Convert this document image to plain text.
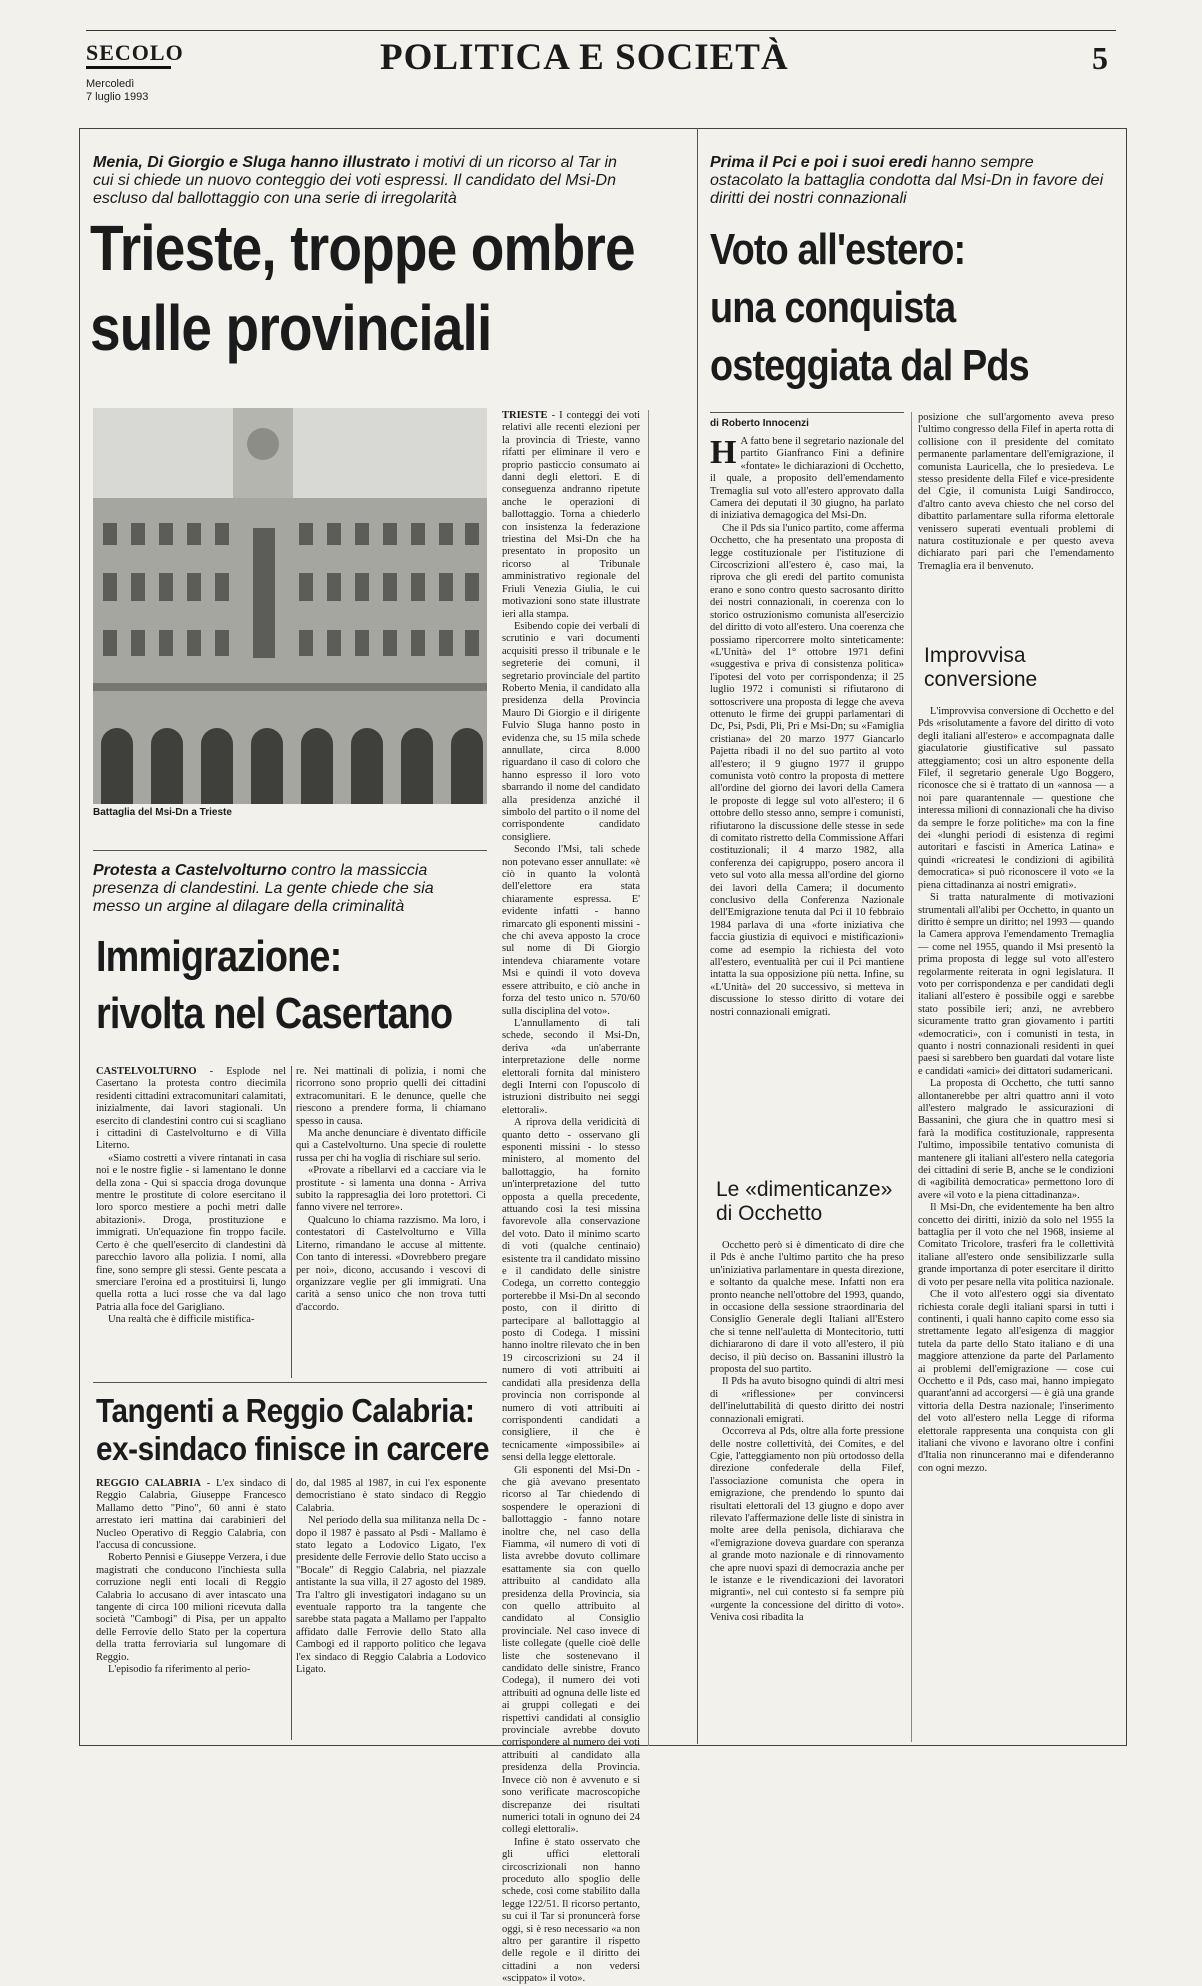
SECOLO
Mercoledì
7 luglio 1993
POLITICA E SOCIETÀ	5
Menia, Di Giorgio e Sluga hanno illustrato i motivi di un ricorso al Tar in cui si chiede un nuovo conteggio dei voti espressi. Il candidato del Msi-Dn escluso dal ballottaggio con una serie di irregolarità
Trieste, troppe ombre
sulle provinciali
Battaglia del Msi-Dn a Trieste

TRIESTE - I conteggi dei voti relativi alle recenti elezioni per la provincia di Trieste, vanno rifatti per eliminare il vero e proprio pasticcio consumato ai danni degli elettori. E di conseguenza andranno ripetute anche le operazioni di ballottaggio. Torna a chiederlo con insistenza la federazione triestina del Msi-Dn che ha presentato in proposito un ricorso al Tribunale amministrativo regionale del Friuli Venezia Giulia, le cui motivazioni sono state illustrate ieri alla stampa.

Esibendo copie dei verbali di scrutinio e vari documenti acquisiti presso il tribunale e le segreterie dei comuni, il segretario provinciale del partito Roberto Menia, il candidato alla presidenza della Provincia Mauro Di Giorgio e il dirigente Fulvio Sluga hanno posto in evidenza che, su 15 mila schede annullate, circa 8.000 riguardano il caso di coloro che hanno espresso il loro voto sbarrando il nome del candidato alla presidenza anziché il simbolo del partito o il nome del corrispondente candidato consigliere.

Secondo l'Msi, tali schede non potevano esser annullate: «è ciò in quanto la volontà dell'elettore era stata chiaramente espressa. E' evidente infatti - hanno rimarcato gli esponenti missini - che chi aveva apposto la croce sul nome di Di Giorgio intendeva chiaramente votare Msi e quindi il voto doveva essere attribuito, e ciò anche in forza del testo unico n. 570/60 sulla disciplina del voto».

L'annullamento di tali schede, secondo il Msi-Dn, deriva «da un'aberrante interpretazione delle norme elettorali fornita dal ministero degli Interni con l'opuscolo di istruzioni distribuito nei seggi elettorali».

A riprova della veridicità di quanto detto - osservano gli esponenti missini - lo stesso ministero, al momento del ballottaggio, ha fornito un'interpretazione del tutto opposta a quella precedente, attuando così la tesi missina favorevole alla conservazione del voto. Dato il minimo scarto di voti (qualche centinaio) esistente tra il candidato missino e il candidato delle sinistre Codega, un corretto conteggio porterebbe il Msi-Dn al secondo posto, con il diritto di partecipare al ballottaggio al posto di Codega. I missini hanno inoltre rilevato che in ben 19 circoscrizioni su 24 il numero di voti attribuiti ai candidati alla presidenza della provincia non corrisponde al numero di voti attribuiti ai corrispondenti candidati a consigliere, il che è tecnicamente «impossibile» ai sensi della legge elettorale.

Gli esponenti del Msi-Dn - che già avevano presentato ricorso al Tar chiedendo di sospendere le operazioni di ballottaggio - fanno notare inoltre che, nel caso della Fiamma, «il numero di voti di lista avrebbe dovuto collimare esattamente sia con quello attribuito al candidato alla presidenza della Provincia, sia con quello attribuito al candidato al Consiglio provinciale. Nel caso invece di liste collegate (quelle cioè delle liste che sostenevano il candidato delle sinistre, Franco Codega), il numero dei voti attribuiti ad ognuna delle liste ed ai gruppi collegati e dei rispettivi candidati al consiglio provinciale avrebbe dovuto corrispondere al numero dei voti attribuiti al candidato alla presidenza della Provincia. Invece ciò non è avvenuto e si sono verificate macroscopiche discrepanze dei risultati numerici totali in ognuno dei 24 collegi elettorali».

Infine è stato osservato che gli uffici elettorali circoscrizionali non hanno proceduto allo spoglio delle schede, così come stabilito dalla legge 122/51. Il ricorso pertanto, su cui il Tar si pronuncerà forse oggi, si è reso necessario «a non altro per garantire il rispetto delle regole e il diritto dei cittadini a non vedersi «scippato» il voto».

Protesta a Castelvolturno contro la massiccia presenza di clandestini. La gente chiede che sia messo un argine al dilagare della criminalità
Immigrazione:
rivolta nel Casertano

CASTELVOLTURNO - Esplode nel Casertano la protesta contro diecimila residenti cittadini extracomunitari calamitati, inizialmente, dai lavori stagionali. Un esercito di clandestini contro cui si scagliano i cittadini di Castelvolturno e di Villa Literno.

«Siamo costretti a vivere rintanati in casa noi e le nostre figlie - si lamentano le donne della zona - Qui si spaccia droga dovunque mentre le prostitute di colore esercitano il loro sporco mestiere a pochi metri dalle abitazioni». Droga, prostituzione e immigrati. Un'equazione fin troppo facile. Certo è che quell'esercito di clandestini dà parecchio lavoro alla polizia. I nomi, alla fine, sono sempre gli stessi. Gente pescata a smerciare l'eroina ed a prostituirsi lì, lungo quella rotta a luci rosse che va dal lago Patria alla foce del Garigliano.

Una realtà che è difficile mistifica-

re. Nei mattinali di polizia, i nomi che ricorrono sono proprio quelli dei cittadini extracomunitari. E le denunce, quelle che riescono a prendere forma, li chiamano spesso in causa.

Ma anche denunciare è diventato difficile qui a Castelvolturno. Una specie di roulette russa per chi ha voglia di rischiare sul serio.

«Provate a ribellarvi ed a cacciare via le prostitute - si lamenta una donna - Arriva subito la rappresaglia dei loro protettori. Ci fanno vivere nel terrore».

Qualcuno lo chiama razzismo. Ma loro, i contestatori di Castelvolturno e Villa Literno, rimandano le accuse al mittente. Con tanto di interessi. «Dovrebbero pregare per noi», dicono, accusando i vescovi di organizzare veglie per gli immigrati. Una carità a senso unico che non trova tutti d'accordo.

Tangenti a Reggio Calabria:
ex-sindaco finisce in carcere

REGGIO CALABRIA - L'ex sindaco di Reggio Calabria, Giuseppe Francesco Mallamo detto "Pino", 60 anni è stato arrestato ieri mattina dai carabinieri del Nucleo Operativo di Reggio Calabria, con l'accusa di concussione.

Roberto Pennisi e Giuseppe Verzera, i due magistrati che conducono l'inchiesta sulla corruzione negli enti locali di Reggio Calabria lo accusano di aver intascato una tangente di circa 100 milioni ricevuta dalla società "Cambogi" di Pisa, per un appalto delle Ferrovie dello Stato per la copertura della tratta ferroviaria sul lungomare di Reggio.

L'episodio fa riferimento al perio-

do, dal 1985 al 1987, in cui l'ex esponente democristiano è stato sindaco di Reggio Calabria.

Nel periodo della sua militanza nella Dc - dopo il 1987 è passato al Psdi - Mallamo è stato legato a Lodovico Ligato, l'ex presidente delle Ferrovie dello Stato ucciso a "Bocale" di Reggio Calabria, nel piazzale antistante la sua villa, il 27 agosto del 1989. Tra l'altro gli investigatori indagano su un eventuale rapporto tra la tangente che sarebbe stata pagata a Mallamo per l'appalto affidato dalle Ferrovie dello Stato alla Cambogi ed il rapporto politico che legava l'ex sindaco di Reggio Calabria a Lodovico Ligato.

Prima il Pci e poi i suoi eredi hanno sempre ostacolato la battaglia condotta dal Msi-Dn in favore dei diritti dei nostri connazionali
Voto all'estero:
una conquista
osteggiata dal Pds
di Roberto Innocenzi

H A fatto bene il segretario nazionale del partito Gianfranco Fini a definire «fontate» le dichiarazioni di Occhetto, il quale, a proposito dell'emendamento Tremaglia sul voto all'estero approvato dalla Camera dei deputati il 30 giugno, ha parlato di iniziativa demagogica del Msi-Dn.

Che il Pds sia l'unico partito, come afferma Occhetto, che ha presentato una proposta di legge costituzionale per l'istituzione di Circoscrizioni all'estero è, caso mai, la riprova che gli eredi del partito comunista erano e sono contro questo sacrosanto diritto dei nostri connazionali, in coerenza con lo storico ostruzionismo comunista all'esercizio del diritto di voto all'estero. Una coerenza che possiamo ripercorrere molto sinteticamente: «L'Unità» del 1° ottobre 1971 definì «suggestiva e priva di consistenza politica» l'ipotesi del voto per corrispondenza; il 25 luglio 1972 i comunisti si rifiutarono di sottoscrivere una proposta di legge che aveva ottenuto le firme dei gruppi parlamentari di Dc, Psi, Psdi, Pli, Pri e Msi-Dn; su «Famiglia cristiana» del 20 marzo 1977 Giancarlo Pajetta ribadì il no del suo partito al voto all'estero; il 9 giugno 1977 il gruppo comunista votò contro la proposta di mettere all'ordine del giorno dei lavori della Camera le proposte di legge sul voto all'estero; il 6 ottobre dello stesso anno, sempre i comunisti, rifiutarono la discussione delle stesse in sede di comitato ristretto della Commissione Affari costituzionali; il 4 marzo 1982, alla conferenza dei capigruppo, posero ancora il veto sul voto alla messa all'ordine del giorno dei lavori della Camera; il documento conclusivo della Conferenza Nazionale dell'Emigrazione tenuta dal Pci il 10 febbraio 1984 parlava di una «forte iniziativa che faccia giustizia di equivoci e mistificazioni» come ad esempio la richiesta del voto all'estero, eventualità per cui il Pci mantiene intatta la sua opposizione più netta. Infine, su «L'Unità» del 20 successivo, si metteva in discussione lo stesso diritto di votare dei nostri connazionali emigrati.

Le «dimenticanze»
di Occhetto

Occhetto però si è dimenticato di dire che il Pds è anche l'ultimo partito che ha preso un'iniziativa parlamentare in questa direzione, e soltanto da qualche mese. Infatti non era pronto neanche nell'ottobre del 1993, quando, in occasione della sessione straordinaria del Consiglio Generale degli Italiani all'Estero che si tenne nell'auletta di Montecitorio, tutti dichiararono di dare il voto all'estero, il più deciso, il più deciso on. Bassanini illustrò la proposta del suo partito.

Il Pds ha avuto bisogno quindi di altri mesi di «riflessione» per convincersi dell'ineluttabilità di questo diritto dei nostri connazionali emigrati.

Occorreva al Pds, oltre alla forte pressione delle nostre collettività, dei Comites, e del Cgie, l'atteggiamento non più ortodosso della direzione confederale della Filef, l'associazione comunista che opera in emigrazione, che prendendo lo spunto dai risultati elettorali del 13 giugno e dopo aver rilevato l'affermazione delle liste di sinistra in molte aree della penisola, dichiarava che «l'emigrazione doveva guardare con speranza al grande moto nazionale e di rinnovamento che apre nuovi spazi di democrazia anche per le istanze e le rivendicazioni dei lavoratori migranti», nel cui contesto si fa sempre più «urgente la concessione del diritto di voto». Veniva così ribadita la

posizione che sull'argomento aveva preso l'ultimo congresso della Filef in aperta rotta di collisione con il presidente del comitato permanente parlamentare dell'emigrazione, il comunista Lauricella, che lo presiedeva. Le stesso presidente della Filef e vice-presidente del Cgie, il comunista Luigi Sandirocco, d'altro canto aveva chiesto che nel corso del dibattito parlamentare sulla riforma elettorale venissero superati eventuali problemi di natura costituzionale e per questo aveva dichiarato pari pari che l'emendamento Tremaglia era il benvenuto.

Improvvisa
conversione

L'improvvisa conversione di Occhetto e del Pds «risolutamente a favore del diritto di voto degli italiani all'estero» e accompagnata dalle giaculatorie giustificative sul passato atteggiamento; così un altro esponente della Filef, il segretario generale Ugo Boggero, riconosce che si è trattato di un «annosa — a noi pare quarantennale — questione che interessa milioni di connazionali che ha diviso da sempre le forze politiche» ma con la fine dei «lunghi periodi di esistenza di regimi autoritari e fascisti in America Latina» e quindi «ricreatesi le condizioni di agibilità democratica» si può riconoscere il voto «e la piena cittadinanza ai nostri emigrati».

Si tratta naturalmente di motivazioni strumentali all'alibi per Occhetto, in quanto un diritto è sempre un diritto; nel 1993 — quando la Camera approva l'emendamento Tremaglia — come nel 1955, quando il Msi presentò la prima proposta di legge sul voto all'estero regolarmente reiterata in ogni legislatura. Il voto per corrispondenza e per candidati degli italiani all'estero è possibile oggi e sarebbe stato possibile ieri; anzi, ne avrebbero sicuramente tratto gran giovamento i partiti «democratici», con i comunisti in testa, in quanto i nostri connazionali residenti in quei paesi si sarebbero ben guardati dal votare liste e candidati «amici» dei dittatori sudamericani.

La proposta di Occhetto, che tutti sanno allontanerebbe per altri quattro anni il voto all'estero malgrado le assicurazioni di Bassanini, che giura che in quattro mesi si farà la modifica costituzionale, rappresenta l'ultimo, impossibile tentativo comunista di mantenere gli italiani all'estero nella categoria dei cittadini di serie B, anche se le condizioni di «agibilità democratica» permettono loro di avere «il voto e la piena cittadinanza».

Il Msi-Dn, che evidentemente ha ben altro concetto dei diritti, iniziò da solo nel 1955 la battaglia per il voto che nel 1968, insieme al Comitato Tricolore, trasferì fra le collettività italiane all'estero onde sensibilizzarle sulla grande importanza di poter esercitare il diritto di voto per pesare nella vita politica nazionale.

Che il voto all'estero oggi sia diventato richiesta corale degli italiani sparsi in tutti i continenti, i quali hanno capito come esso sia strettamente legato all'esigenza di maggior tutela da parte dello Stato italiano e di una maggiore attenzione da parte del Parlamento ai problemi dell'emigrazione — cose cui Occhetto e il Pds, caso mai, hanno impiegato quarant'anni ad accorgersi — è già una grande vittoria della Destra nazionale; l'inserimento del voto all'estero nella Legge di riforma elettorale rappresenta una conquista con gli italiani che vivono e lavorano oltre i confini d'Italia non rinunceranno mai e difenderanno con ogni mezzo.
